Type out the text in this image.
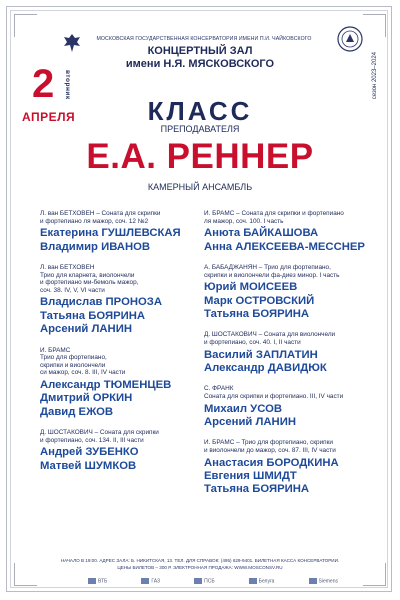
МОСКОВСКАЯ ГОСУДАРСТВЕННАЯ КОНСЕРВАТОРИЯ ИМЕНИ П.И. ЧАЙКОВСКОГО
КОНЦЕРТНЫЙ ЗАЛ
имени Н.Я. МЯСКОВСКОГО	сезон 2023–2024
2 вторник
АПРЕЛЯ	КЛАСС
ПРЕПОДАВАТЕЛЯ
Е.А. РЕННЕР
КАМЕРНЫЙ АНСАМБЛЬ
Л. ван БЕТХОВЕН – Соната для скрипки
и фортепиано ля мажор, соч. 12 №2
Екатерина ГУШЛЕВСКАЯ
Владимир ИВАНОВ
Л. ван БЕТХОВЕН
Трио для кларнета, виолончели
и фортепиано ми-бемоль мажор,
соч. 38. IV, V, VI части
Владислав ПРОНОЗА
Татьяна БОЯРИНА
Арсений ЛАНИН
И. БРАМС
Трио для фортепиано,
скрипки и виолончели
си мажор, соч. 8. III, IV части
Александр ТЮМЕНЦЕВ
Дмитрий ОРКИН
Давид ЕЖОВ
Д. ШОСТАКОВИЧ – Соната для скрипки
и фортепиано, соч. 134. II, III части
Андрей ЗУБЕНКО
Матвей ШУМКОВ
И. БРАМС – Соната для скрипки и фортепиано
ля мажор, соч. 100. I часть
Анюта БАЙКАШОВА
Анна АЛЕКСЕЕВА-МЕССНЕР
А. БАБАДЖАНЯН – Трио для фортепиано,
скрипки и виолончели фа-диез минор. I часть
Юрий МОИСЕЕВ
Марк ОСТРОВСКИЙ
Татьяна БОЯРИНА
Д. ШОСТАКОВИЧ – Соната для виолончели
и фортепиано, соч. 40. I, II части
Василий ЗАПЛАТИН
Александр ДАВИДЮК
С. ФРАНК
Соната для скрипки и фортепиано. III, IV части
Михаил УСОВ
Арсений ЛАНИН
И. БРАМС – Трио для фортепиано, скрипки
и виолончели до мажор, соч. 87. III, IV части
Анастасия БОРОДКИНА
Евгения ШМИДТ
Татьяна БОЯРИНА
НАЧАЛО В 19:00. АДРЕС ЗАЛА: Б. НИКИТСКАЯ, 13. ТЕЛ. ДЛЯ СПРАВОК: (495) 629-9401. БИЛЕТНАЯ КАССА КОНСЕРВАТОРИИ.
ЦЕНЫ БИЛЕТОВ – 300 Р. ЭЛЕКТРОННАЯ ПРОДАЖА: WWW.MOSCONSV.RU
ВТБ	ГАЗ	ПСБ	Белуга	Siemens
